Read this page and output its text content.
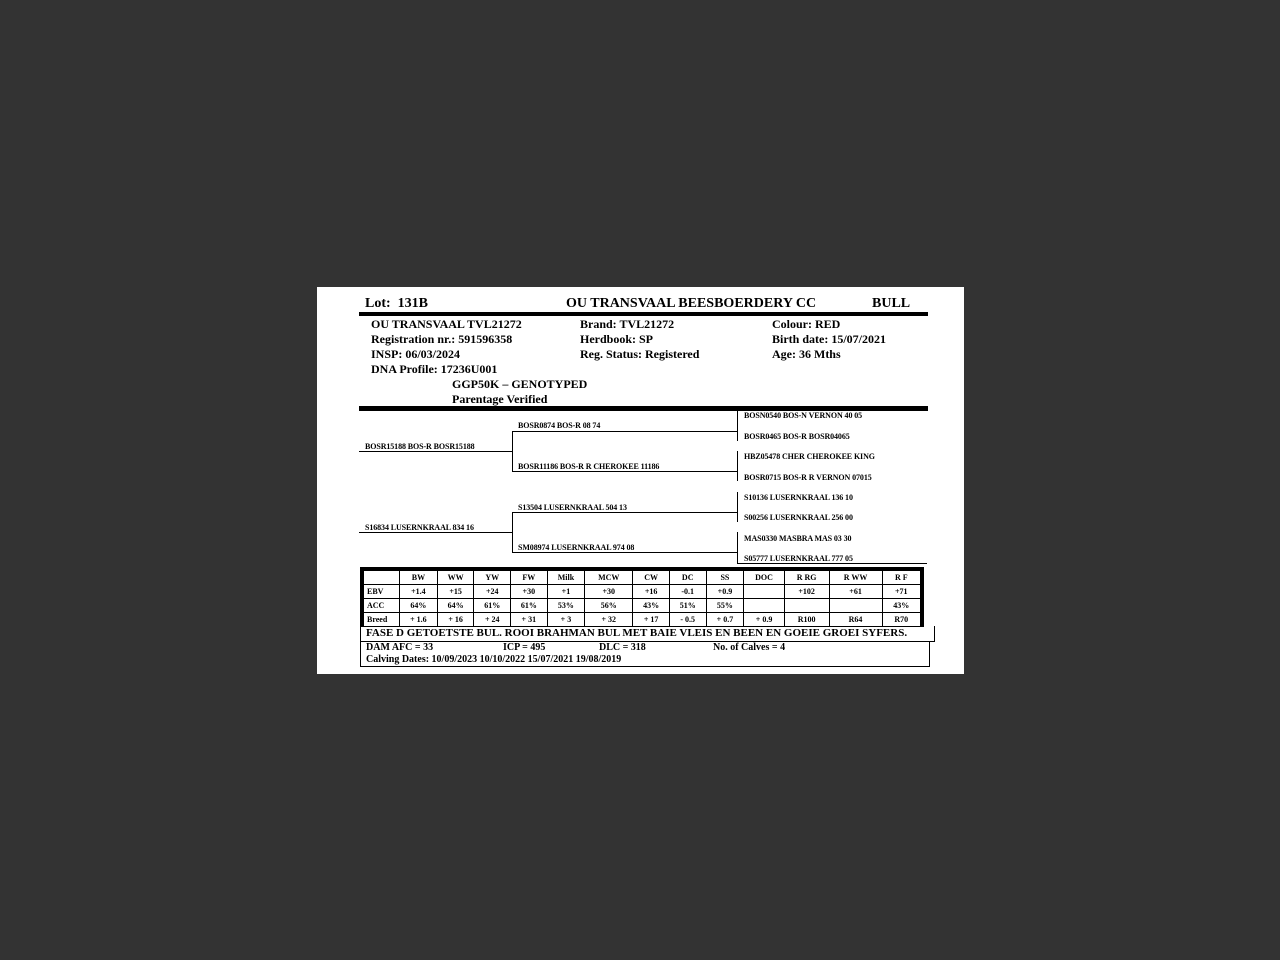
Lot: 131B	OU TRANSVAAL BEESBOERDERY CC	BULL
OU TRANSVAAL TVL21272
Registration nr.: 591596358
INSP: 06/03/2024
DNA Profile: 17236U001
GGP50K – GENOTYPED
Parentage Verified
Brand: TVL21272
Herdbook: SP
Reg. Status: Registered
Colour: RED
Birth date: 15/07/2021
Age: 36 Mths
BOSR15188 BOS-R BOSR15188
S16834 LUSERNKRAAL 834 16
BOSR0874 BOS-R 08 74
BOSR11186 BOS-R R CHEROKEE 11186
S13504 LUSERNKRAAL 504 13
SM08974 LUSERNKRAAL 974 08
BOSN0540 BOS-N VERNON 40 05
BOSR0465 BOS-R BOSR04065
HBZ05478 CHER CHEROKEE KING
BOSR0715 BOS-R R VERNON 07015
S10136 LUSERNKRAAL 136 10
S00256 LUSERNKRAAL 256 00
MAS0330 MASBRA MAS 03 30
S05777 LUSERNKRAAL 777 05
	BW	WW	YW	FW	Milk	MCW	CW	DC	SS	DOC	R RG	R WW	R F
EBV	+1.4	+15	+24	+30	+1	+30	+16	-0.1	+0.9		+102	+61	+71
ACC	64%	64%	61%	61%	53%	56%	43%	51%	55%				43%
Breed	+ 1.6	+ 16	+ 24	+ 31	+ 3	+ 32	+ 17	- 0.5	+ 0.7	+ 0.9	R100	R64	R70
FASE D GETOETSTE BUL. ROOI BRAHMAN BUL MET BAIE VLEIS EN BEEN EN GOEIE GROEI SYFERS.
DAM AFC = 33	ICP = 495	DLC = 318	No. of Calves = 4
Calving Dates: 10/09/2023 10/10/2022 15/07/2021 19/08/2019
